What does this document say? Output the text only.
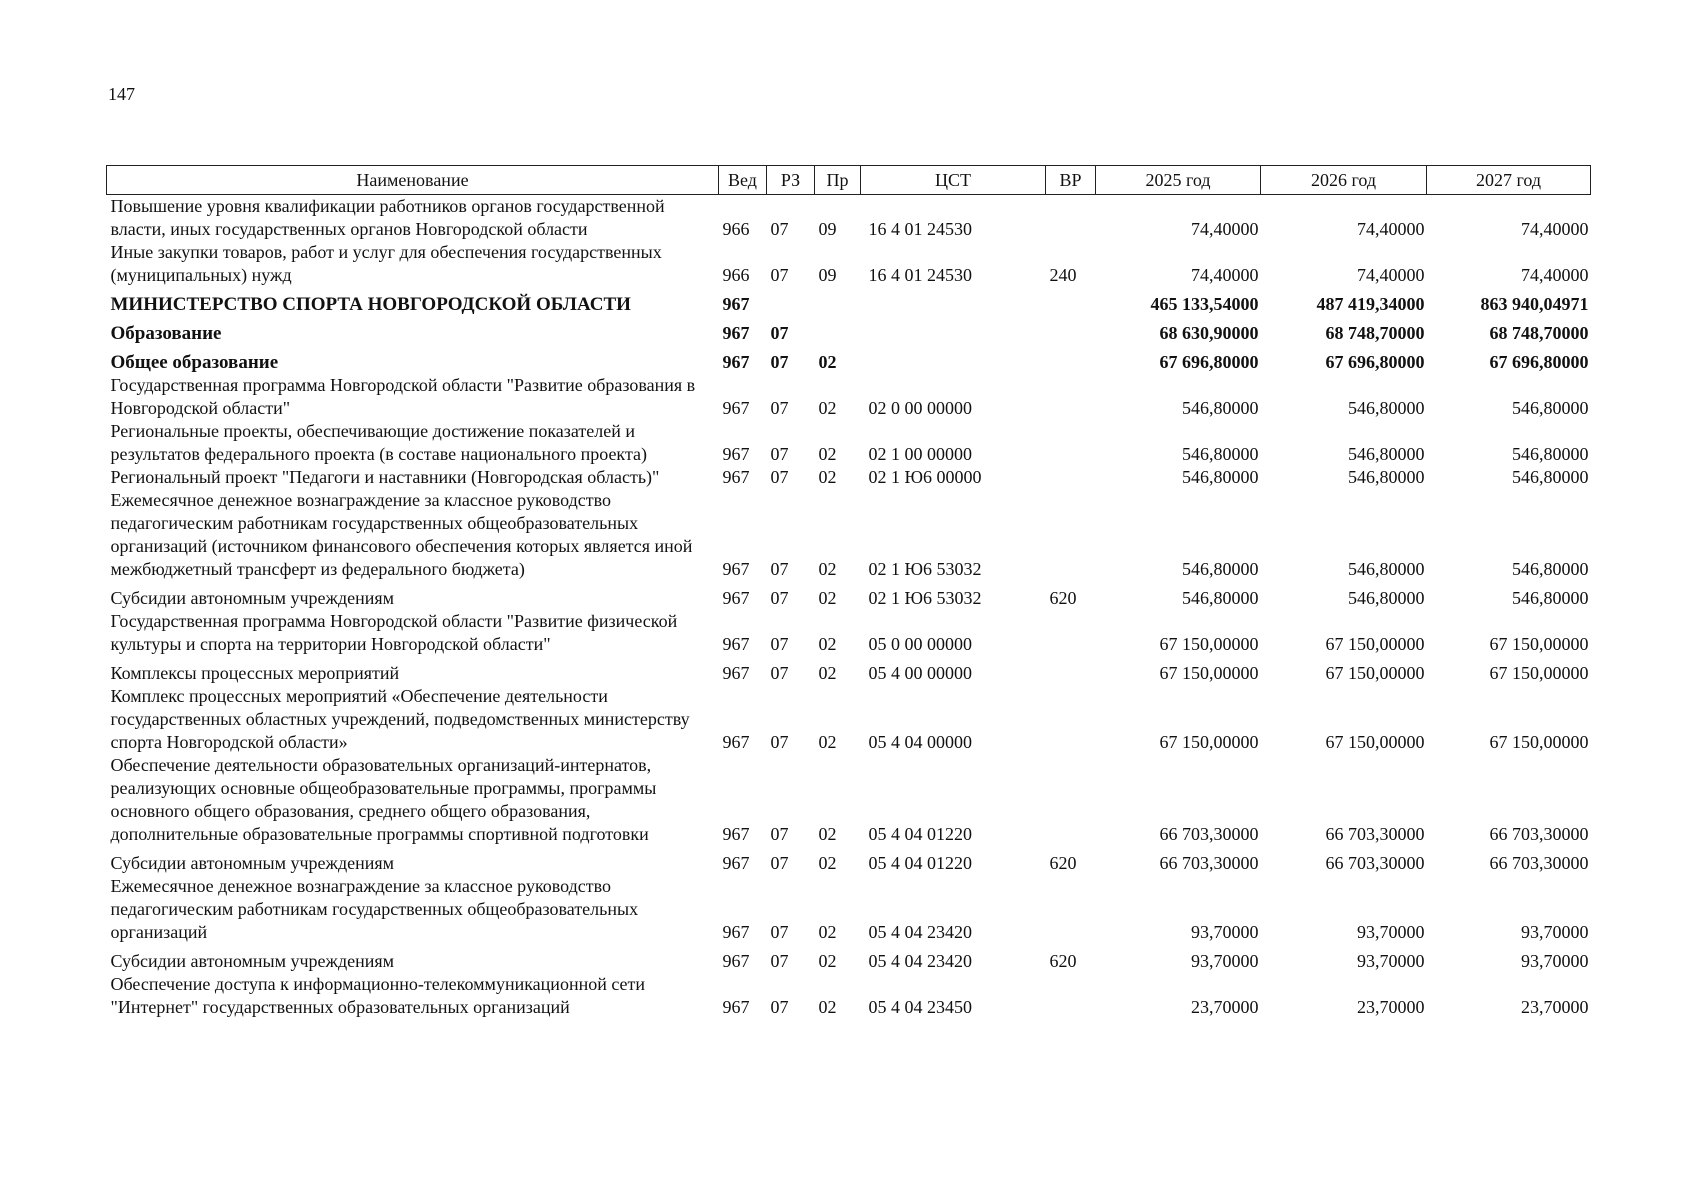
147
Наименование	Вед	РЗ	Пр	ЦСТ	ВР	2025 год	2026 год	2027 год
Повышение уровня квалификации работников органов государственной власти, иных государственных органов Новгородской области	966	07	09	16 4 01 24530		74,40000	74,40000	74,40000
Иные закупки товаров, работ и услуг для обеспечения государственных (муниципальных) нужд	966	07	09	16 4 01 24530	240	74,40000	74,40000	74,40000
МИНИСТЕРСТВО СПОРТА НОВГОРОДСКОЙ ОБЛАСТИ	967					465 133,54000	487 419,34000	863 940,04971
Образование	967	07				68 630,90000	68 748,70000	68 748,70000
Общее образование	967	07	02			67 696,80000	67 696,80000	67 696,80000
Государственная программа Новгородской области "Развитие образования в Новгородской области"	967	07	02	02 0 00 00000		546,80000	546,80000	546,80000
Региональные проекты, обеспечивающие достижение показателей и результатов федерального проекта (в составе национального проекта)	967	07	02	02 1 00 00000		546,80000	546,80000	546,80000
Региональный проект "Педагоги и наставники (Новгородская область)"	967	07	02	02 1 Ю6 00000		546,80000	546,80000	546,80000
Ежемесячное денежное вознаграждение за классное руководство педагогическим работникам государственных общеобразовательных организаций (источником финансового обеспечения которых является иной межбюджетный трансферт из федерального бюджета)	967	07	02	02 1 Ю6 53032		546,80000	546,80000	546,80000
Субсидии автономным учреждениям	967	07	02	02 1 Ю6 53032	620	546,80000	546,80000	546,80000
Государственная программа Новгородской области "Развитие физической культуры и спорта на территории Новгородской области"	967	07	02	05 0 00 00000		67 150,00000	67 150,00000	67 150,00000
Комплексы процессных мероприятий	967	07	02	05 4 00 00000		67 150,00000	67 150,00000	67 150,00000
Комплекс процессных мероприятий «Обеспечение деятельности государственных областных учреждений, подведомственных министерству спорта Новгородской области»	967	07	02	05 4 04 00000		67 150,00000	67 150,00000	67 150,00000
Обеспечение деятельности образовательных организаций-интернатов, реализующих основные общеобразовательные программы, программы основного общего образования, среднего общего образования, дополнительные образовательные программы спортивной подготовки	967	07	02	05 4 04 01220		66 703,30000	66 703,30000	66 703,30000
Субсидии автономным учреждениям	967	07	02	05 4 04 01220	620	66 703,30000	66 703,30000	66 703,30000
Ежемесячное денежное вознаграждение за классное руководство педагогическим работникам государственных общеобразовательных организаций	967	07	02	05 4 04 23420		93,70000	93,70000	93,70000
Субсидии автономным учреждениям	967	07	02	05 4 04 23420	620	93,70000	93,70000	93,70000
Обеспечение доступа к информационно-телекоммуникационной сети "Интернет" государственных образовательных организаций	967	07	02	05 4 04 23450		23,70000	23,70000	23,70000
